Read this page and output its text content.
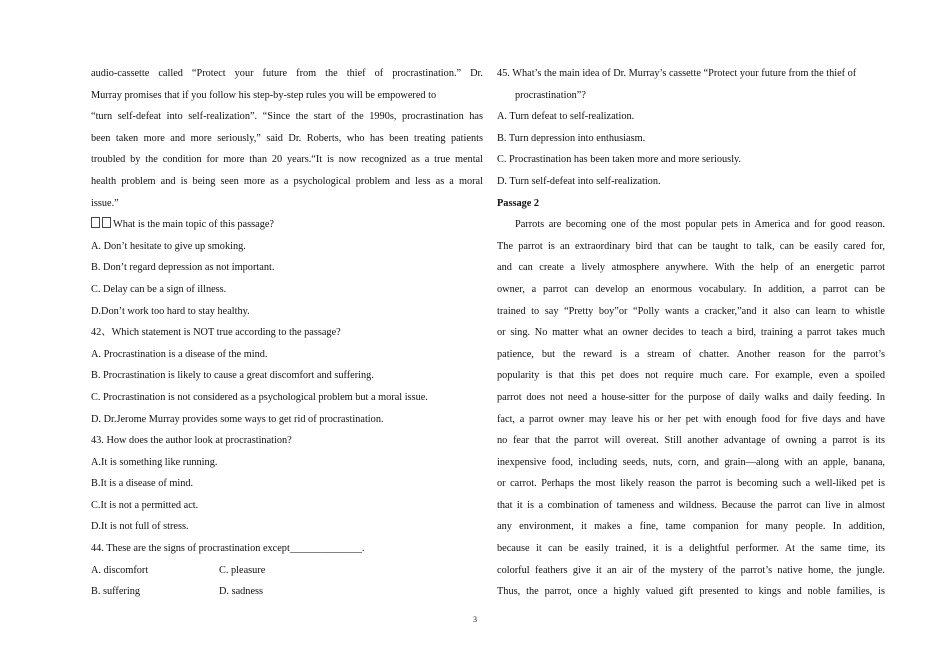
audio-cassette called “Protect your future from the thief of procrastination.” Dr.
Murray promises that if you follow his step-by-step rules you will be empowered to
“turn self-defeat into self-realization”. “Since the start of the 1990s, procrastination has
been taken more and more seriously,” said Dr. Roberts, who has been treating patients
troubled by the condition for more than 20 years.“It is now recognized as a true mental
health problem and is being seen more as a psychological problem and less as a moral
issue.”
What is the main topic of this passage?
A. Don’t hesitate to give up smoking.
B. Don’t regard depression as not important.
C. Delay can be a sign of illness.
D.Don’t work too hard to stay healthy.
42、Which statement is NOT true according to the passage?
A. Procrastination is a disease of the mind.
B. Procrastination is likely to cause a great discomfort and suffering.
C. Procrastination is not considered as a psychological problem but a moral issue.
D. Dr.Jerome Murray provides some ways to get rid of procrastination.
43. How does the author look at procrastination?
A.It is something like running.
B.It is a disease of mind.
C.It is not a permitted act.
D.It is not full of stress.
44. These are the signs of procrastination except______________.
A. discomfort	C. pleasure
B. suffering	D. sadness
45. What’s the main idea of Dr. Murray’s cassette “Protect your future from the thief of
procrastination”?
A. Turn defeat to self-realization.
B. Turn depression into enthusiasm.
C. Procrastination has been taken more and more seriously.
D. Turn self-defeat into self-realization.
Passage 2
Parrots are becoming one of the most popular pets in America and for good reason.
The parrot is an extraordinary bird that can be taught to talk, can be easily cared for,
and can create a lively atmosphere anywhere. With the help of an energetic parrot
owner, a parrot can develop an enormous vocabulary. In addition, a parrot can be
trained to say “Pretty boy”or “Polly wants a cracker,”and it also can learn to whistle
or sing. No matter what an owner decides to teach a bird, training a parrot takes much
patience, but the reward is a stream of chatter. Another reason for the parrot’s
popularity is that this pet does not require much care. For example, even a spoiled
parrot does not need a house-sitter for the purpose of daily walks and daily feeding. In
fact, a parrot owner may leave his or her pet with enough food for five days and have
no fear that the parrot will overeat. Still another advantage of owning a parrot is its
inexpensive food, including seeds, nuts, corn, and grain—along with an apple, banana,
or carrot. Perhaps the most likely reason the parrot is becoming such a well-liked pet is
that it is a combination of tameness and wildness. Because the parrot can live in almost
any environment, it makes a fine, tame companion for many people. In addition,
because it can be easily trained, it is a delightful performer. At the same time, its
colorful feathers give it an air of the mystery of the parrot’s native home, the jungle.
Thus, the parrot, once a highly valued gift presented to kings and noble families, is
3
